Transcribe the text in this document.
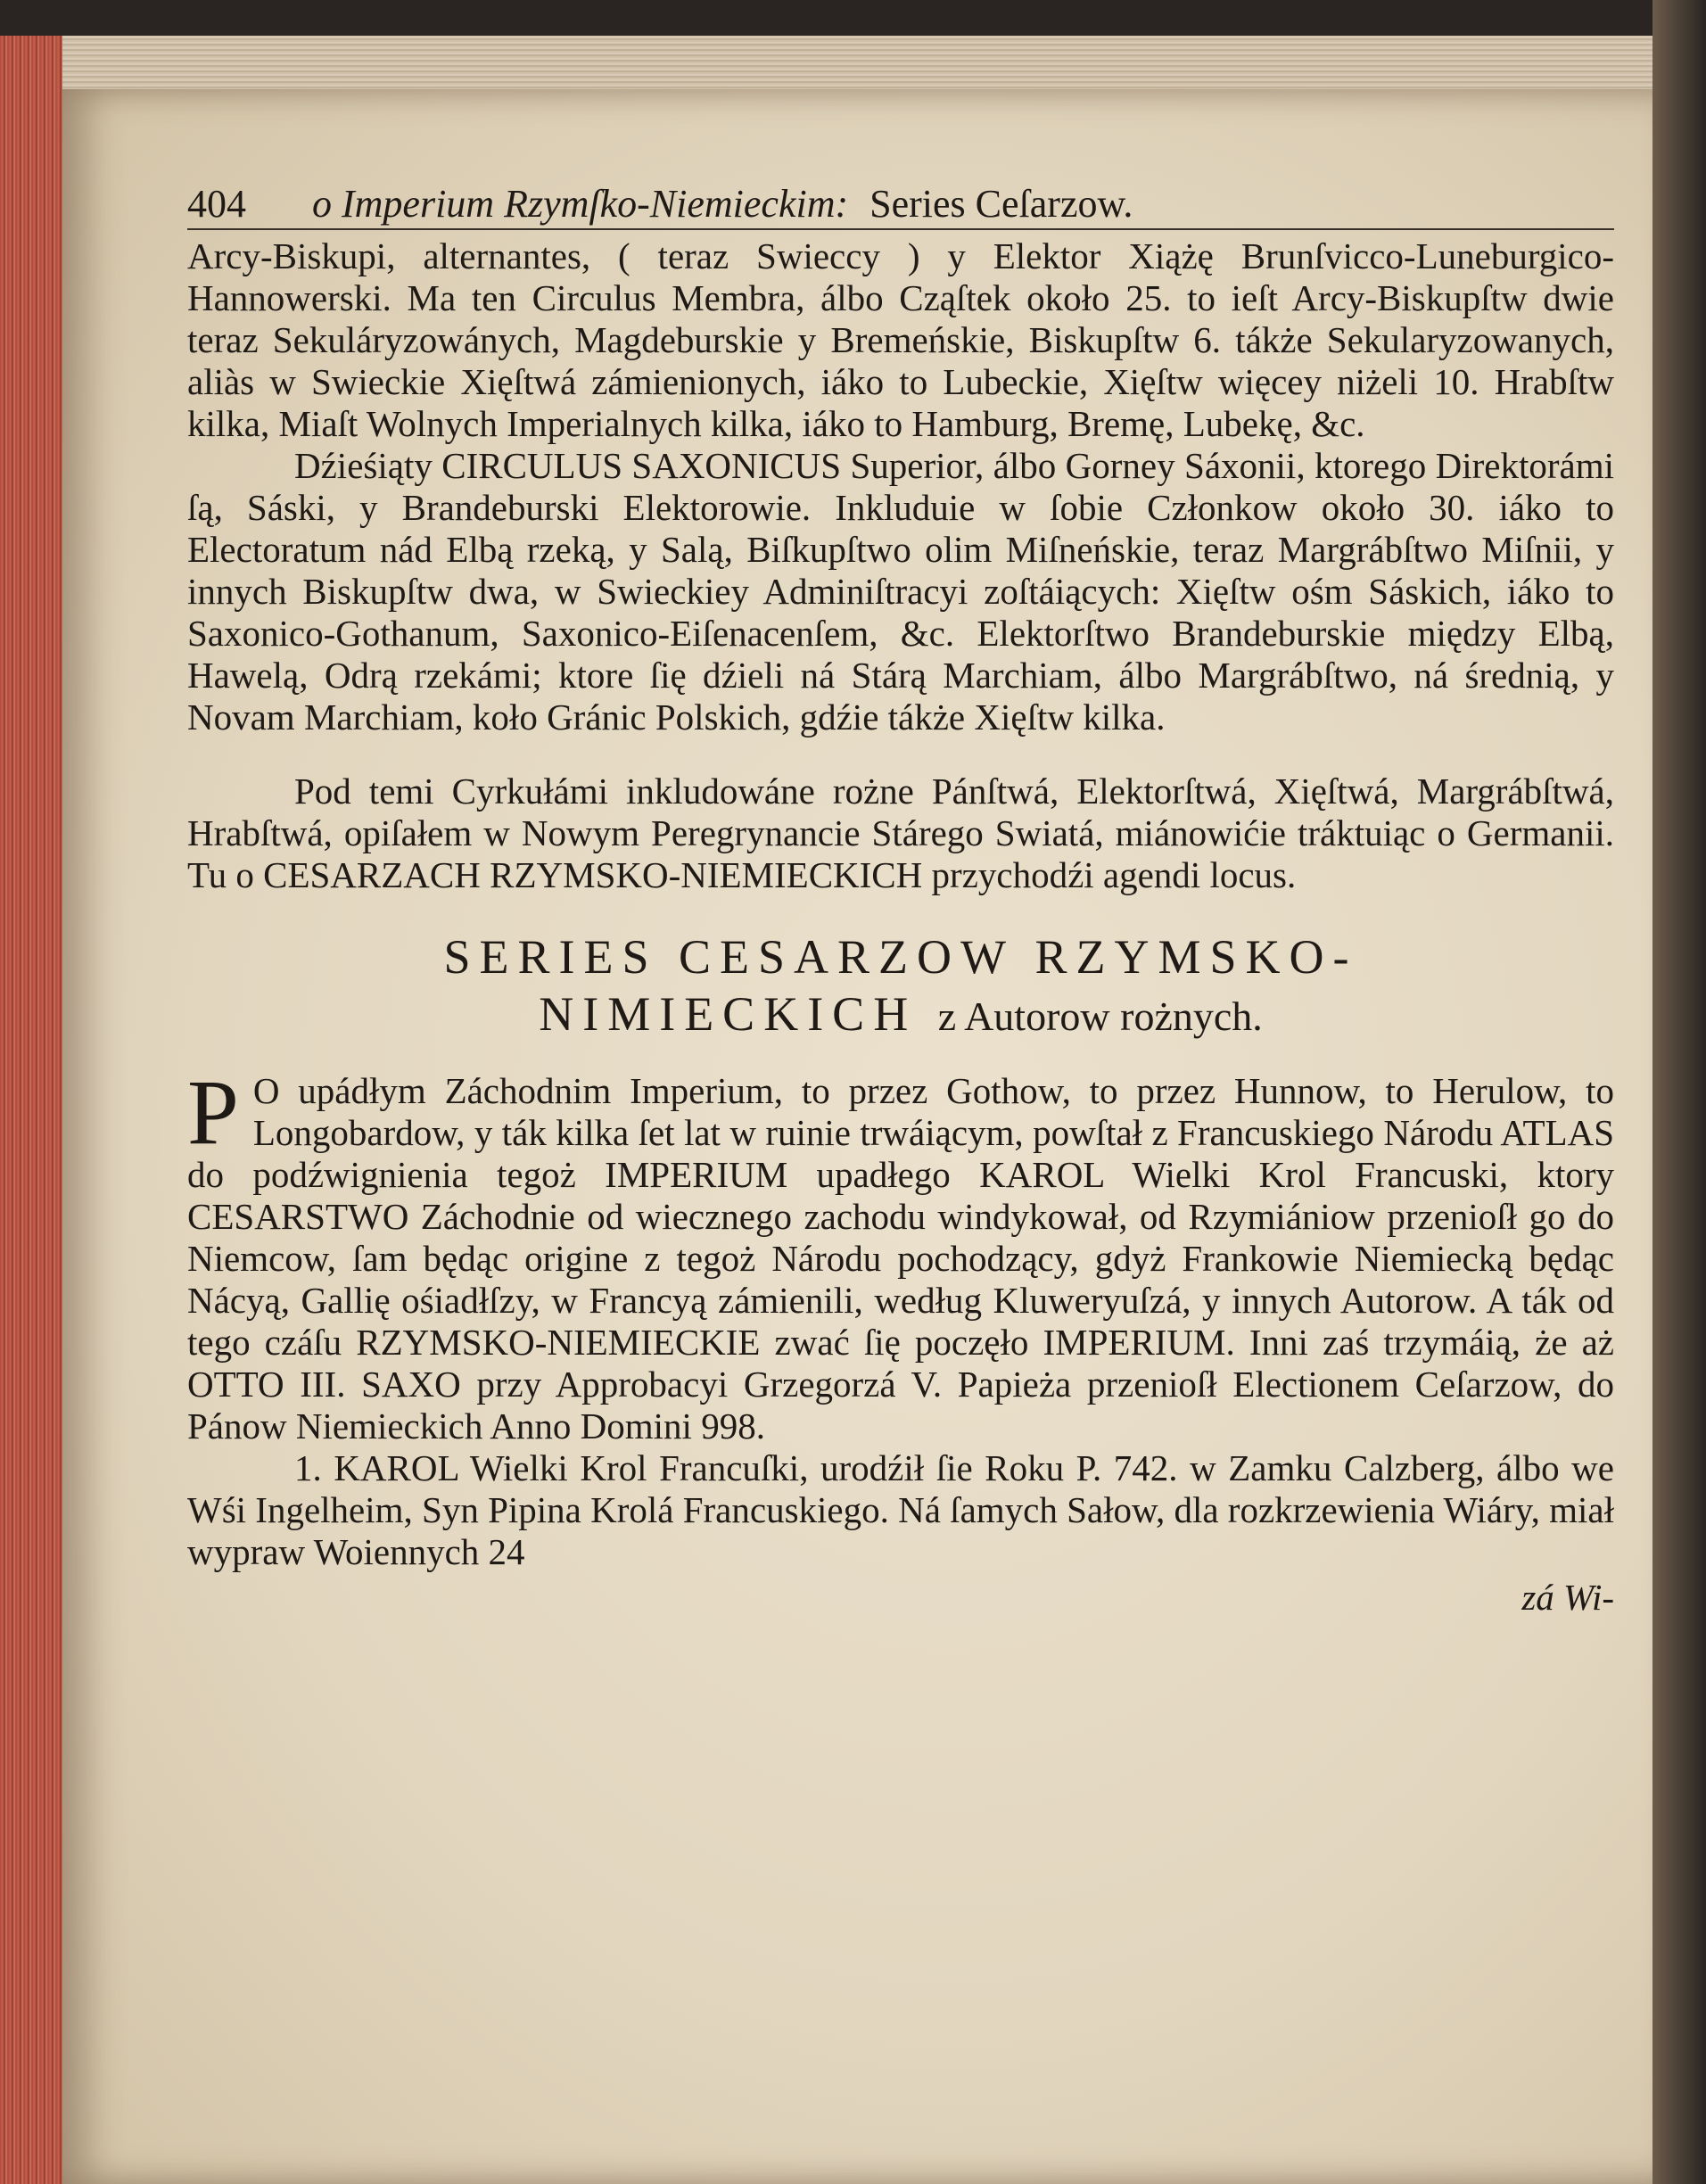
404	o Imperium Rzymſko-Niemieckim: Series Ceſarzow.

Arcy-Biskupi, alternantes, ( teraz Swieccy ) y Elektor Xiążę Brunſvicco-Luneburgico-Hannowerski. Ma ten Circulus Membra, álbo Cząſtek około 25. to ieſt Arcy-Biskupſtw dwie teraz Sekuláryzowánych, Magdeburskie y Bremeńskie, Biskupſtw 6. tákże Sekularyzowanych, aliàs w Swieckie Xięſtwá zámienionych, iáko to Lubeckie, Xięſtw więcey niżeli 10. Hrabſtw kilka, Miaſt Wolnych Imperialnych kilka, iáko to Hamburg, Bremę, Lubekę, &c.

Dźieśiąty CIRCULUS SAXONICUS Superior, álbo Gorney Sáxonii, ktorego Direktorámi ſą, Sáski, y Brandeburski Elektorowie. Inkluduie w ſobie Członkow około 30. iáko to Electoratum nád Elbą rzeką, y Salą, Biſkupſtwo olim Miſneńskie, teraz Margrábſtwo Miſnii, y innych Biskupſtw dwa, w Swieckiey Adminiſtracyi zoſtáiących: Xięſtw ośm Sáskich, iáko to Saxonico-Gothanum, Saxonico-Eiſenacenſem, &c. Elektorſtwo Brandeburskie między Elbą, Hawelą, Odrą rzekámi; ktore ſię dźieli ná Stárą Marchiam, álbo Margrábſtwo, ná średnią, y Novam Marchiam, koło Gránic Polskich, gdźie tákże Xięſtw kilka.

Pod temi Cyrkułámi inkludowáne rożne Pánſtwá, Elektorſtwá, Xięſtwá, Margrábſtwá, Hrabſtwá, opiſałem w Nowym Peregrynancie Stárego Swiatá, miánowićie tráktuiąc o Germanii. Tu o CESARZACH RZYMSKO-NIEMIECKICH przychodźi agendi locus.

SERIES CESARZOW RZYMSKO-
NIMIECKICH z Autorow rożnych.
P O upádłym Záchodnim Imperium, to przez Gothow, to przez Hunnow, to Herulow, to Longobardow, y ták kilka ſet lat w ruinie trwáiącym, powſtał z Francuskiego Národu ATLAS do podźwignienia tegoż IMPERIUM upadłego KAROL Wielki Krol Francuski, ktory CESARSTWO Záchodnie od wiecznego zachodu windykował, od Rzymiániow przenioſł go do Niemcow, ſam będąc origine z tegoż Národu pochodzący, gdyż Frankowie Niemiecką będąc Nácyą, Gallię ośiadłſzy, w Francyą zámienili, według Kluweryuſzá, y innych Autorow. A ták od tego czáſu RZYMSKO-NIEMIECKIE zwać ſię poczęło IMPERIUM. Inni zaś trzymáią, że aż OTTO III. SAXO przy Approbacyi Grzegorzá V. Papieża przenioſł Electionem Ceſarzow, do Pánow Niemieckich Anno Domini 998.

1. KAROL Wielki Krol Francuſki, urodźił ſie Roku P. 742. w Zamku Calzberg, álbo we Wśi Ingelheim, Syn Pipina Krolá Francuskiego. Ná ſamych Sałow, dla rozkrzewienia Wiáry, miał wypraw Woiennych 24

zá Wi-
